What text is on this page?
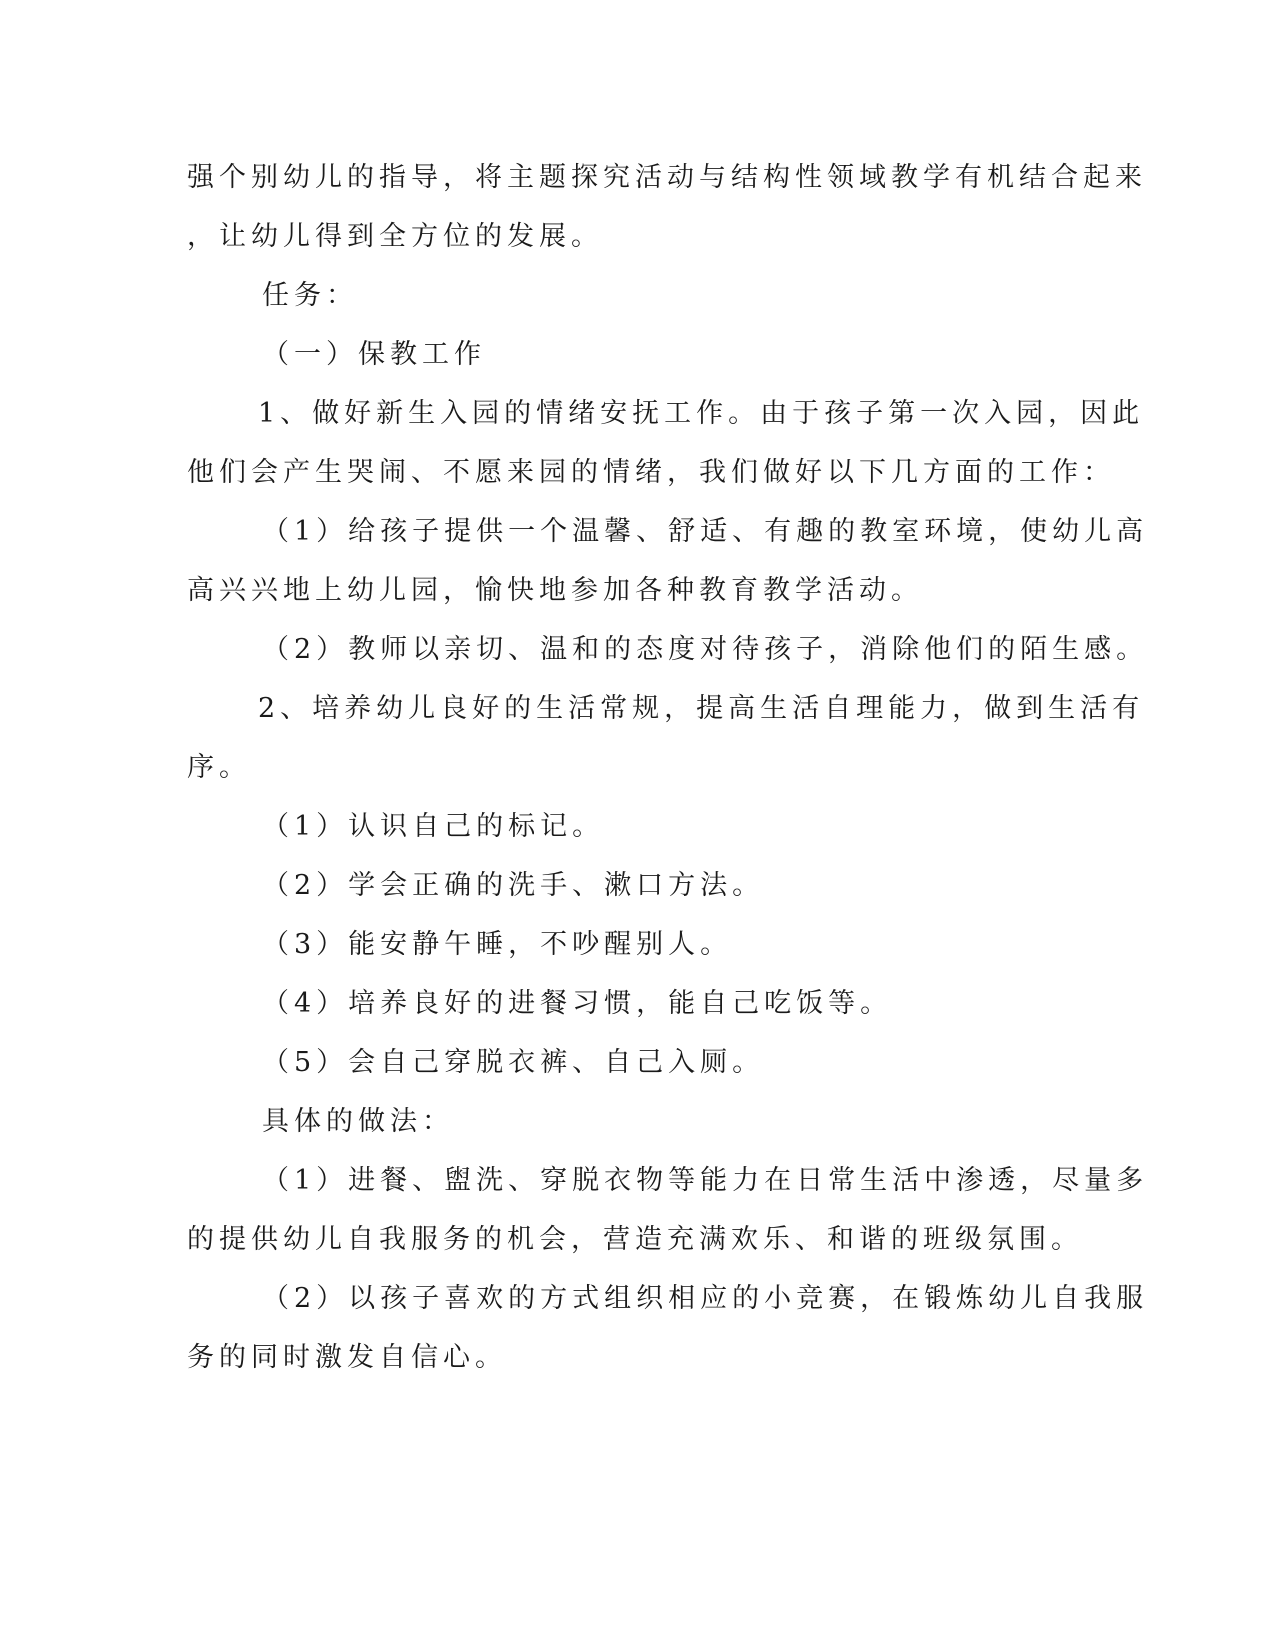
强个别幼儿的指导，将主题探究活动与结构性领域教学有机结合起来
，让幼儿得到全方位的发展。
任务：
（一）保教工作
1、做好新生入园的情绪安抚工作。由于孩子第一次入园，因此
他们会产生哭闹、不愿来园的情绪，我们做好以下几方面的工作：
（1）给孩子提供一个温馨、舒适、有趣的教室环境，使幼儿高
高兴兴地上幼儿园，愉快地参加各种教育教学活动。
（2）教师以亲切、温和的态度对待孩子，消除他们的陌生感。
2、培养幼儿良好的生活常规，提高生活自理能力，做到生活有
序。
（1）认识自己的标记。
（2）学会正确的洗手、漱口方法。
（3）能安静午睡，不吵醒别人。
（4）培养良好的进餐习惯，能自己吃饭等。
（5）会自己穿脱衣裤、自己入厕。
具体的做法：
（1）进餐、盥洗、穿脱衣物等能力在日常生活中渗透，尽量多
的提供幼儿自我服务的机会，营造充满欢乐、和谐的班级氛围。
（2）以孩子喜欢的方式组织相应的小竞赛，在锻炼幼儿自我服
务的同时激发自信心。
